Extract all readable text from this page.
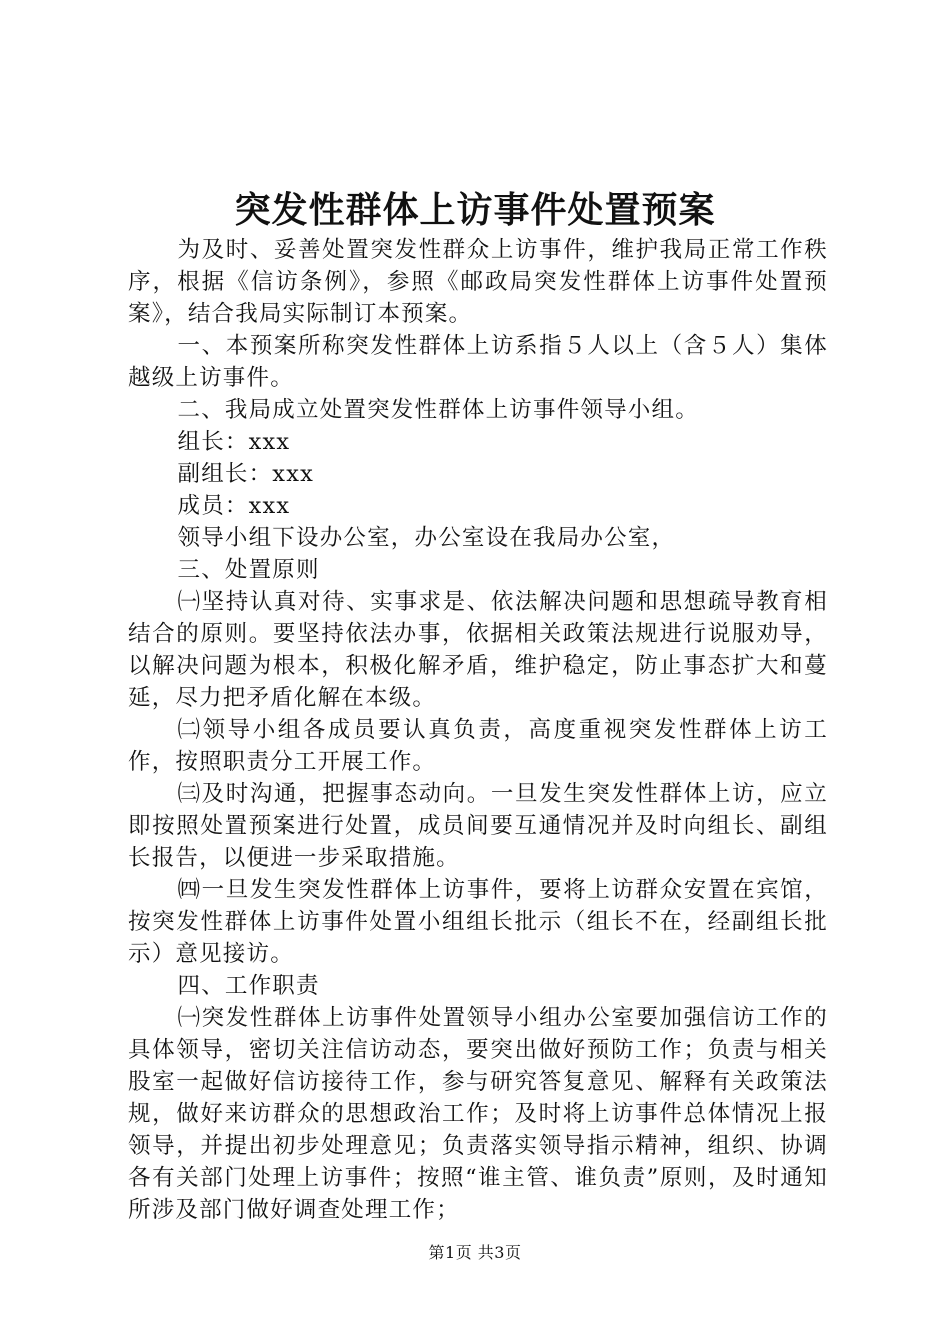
突发性群体上访事件处置预案

为及时、妥善处置突发性群众上访事件，维护我局正常工作秩序，根据《信访条例》，参照《邮政局突发性群体上访事件处置预案》，结合我局实际制订本预案。

一、本预案所称突发性群体上访系指５人以上（含５人）集体越级上访事件。

二、我局成立处置突发性群体上访事件领导小组。

组长：xxx

副组长：xxx

成员：xxx

领导小组下设办公室，办公室设在我局办公室，

三、处置原则

㈠坚持认真对待、实事求是、依法解决问题和思想疏导教育相结合的原则。要坚持依法办事，依据相关政策法规进行说服劝导，以解决问题为根本，积极化解矛盾，维护稳定，防止事态扩大和蔓延，尽力把矛盾化解在本级。

㈡领导小组各成员要认真负责，高度重视突发性群体上访工作，按照职责分工开展工作。

㈢及时沟通，把握事态动向。一旦发生突发性群体上访，应立即按照处置预案进行处置，成员间要互通情况并及时向组长、副组长报告，以便进一步采取措施。

㈣一旦发生突发性群体上访事件，要将上访群众安置在宾馆，按突发性群体上访事件处置小组组长批示（组长不在，经副组长批示）意见接访。

四、工作职责

㈠突发性群体上访事件处置领导小组办公室要加强信访工作的具体领导，密切关注信访动态，要突出做好预防工作；负责与相关股室一起做好信访接待工作，参与研究答复意见、解释有关政策法规，做好来访群众的思想政治工作；及时将上访事件总体情况上报领导，并提出初步处理意见；负责落实领导指示精神，组织、协调各有关部门处理上访事件；按照“谁主管、谁负责”原则，及时通知所涉及部门做好调查处理工作；

第1页 共3页
